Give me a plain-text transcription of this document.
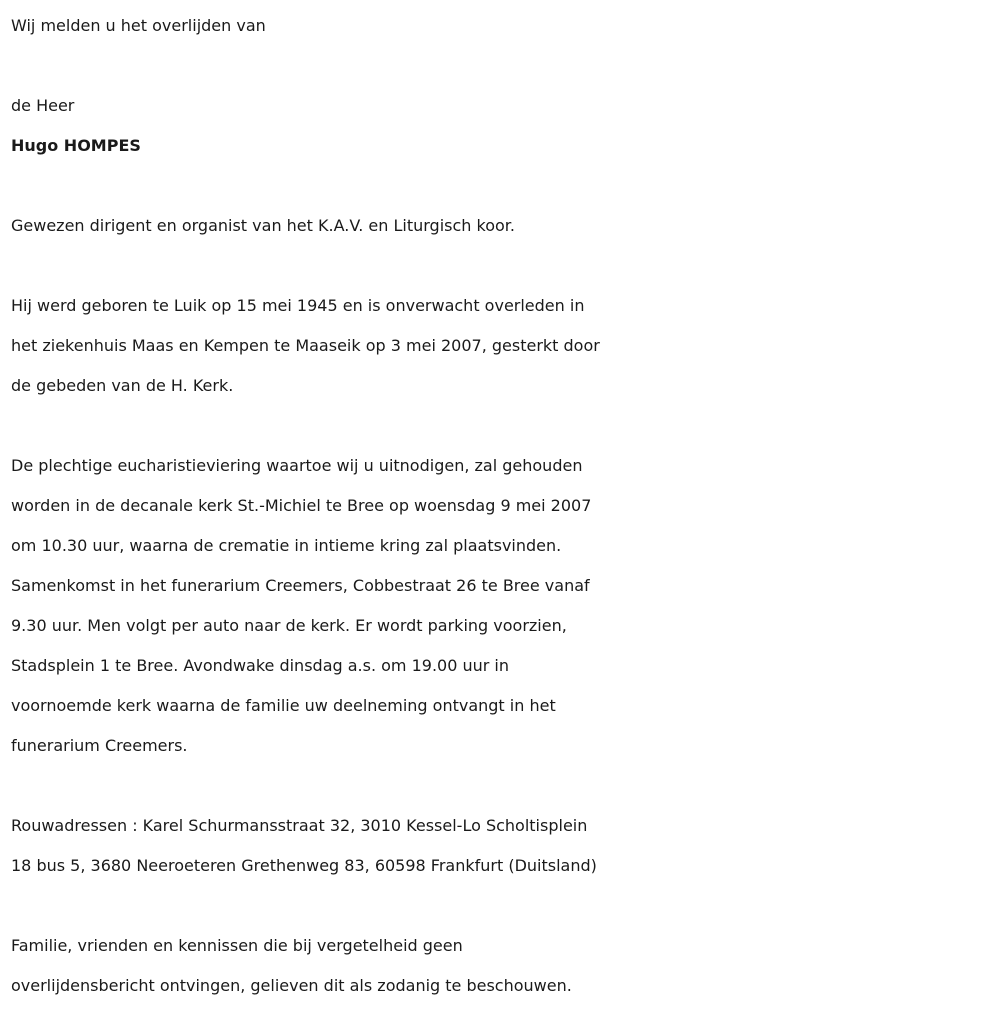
Wij melden u het overlijden van

de Heer

Hugo HOMPES

Gewezen dirigent en organist van het K.A.V. en Liturgisch koor.

Hij werd geboren te Luik op 15 mei 1945 en is onverwacht overleden in

het ziekenhuis Maas en Kempen te Maaseik op 3 mei 2007, gesterkt door

de gebeden van de H. Kerk.

De plechtige eucharistieviering waartoe wij u uitnodigen, zal gehouden

worden in de decanale kerk St.-Michiel te Bree op woensdag 9 mei 2007

om 10.30 uur, waarna de crematie in intieme kring zal plaatsvinden.

Samenkomst in het funerarium Creemers, Cobbestraat 26 te Bree vanaf

9.30 uur. Men volgt per auto naar de kerk. Er wordt parking voorzien,

Stadsplein 1 te Bree. Avondwake dinsdag a.s. om 19.00 uur in

voornoemde kerk waarna de familie uw deelneming ontvangt in het

funerarium Creemers.

Rouwadressen : Karel Schurmansstraat 32, 3010 Kessel-Lo Scholtisplein

18 bus 5, 3680 Neeroeteren Grethenweg 83, 60598 Frankfurt (Duitsland)

Familie, vrienden en kennissen die bij vergetelheid geen

overlijdensbericht ontvingen, gelieven dit als zodanig te beschouwen.
